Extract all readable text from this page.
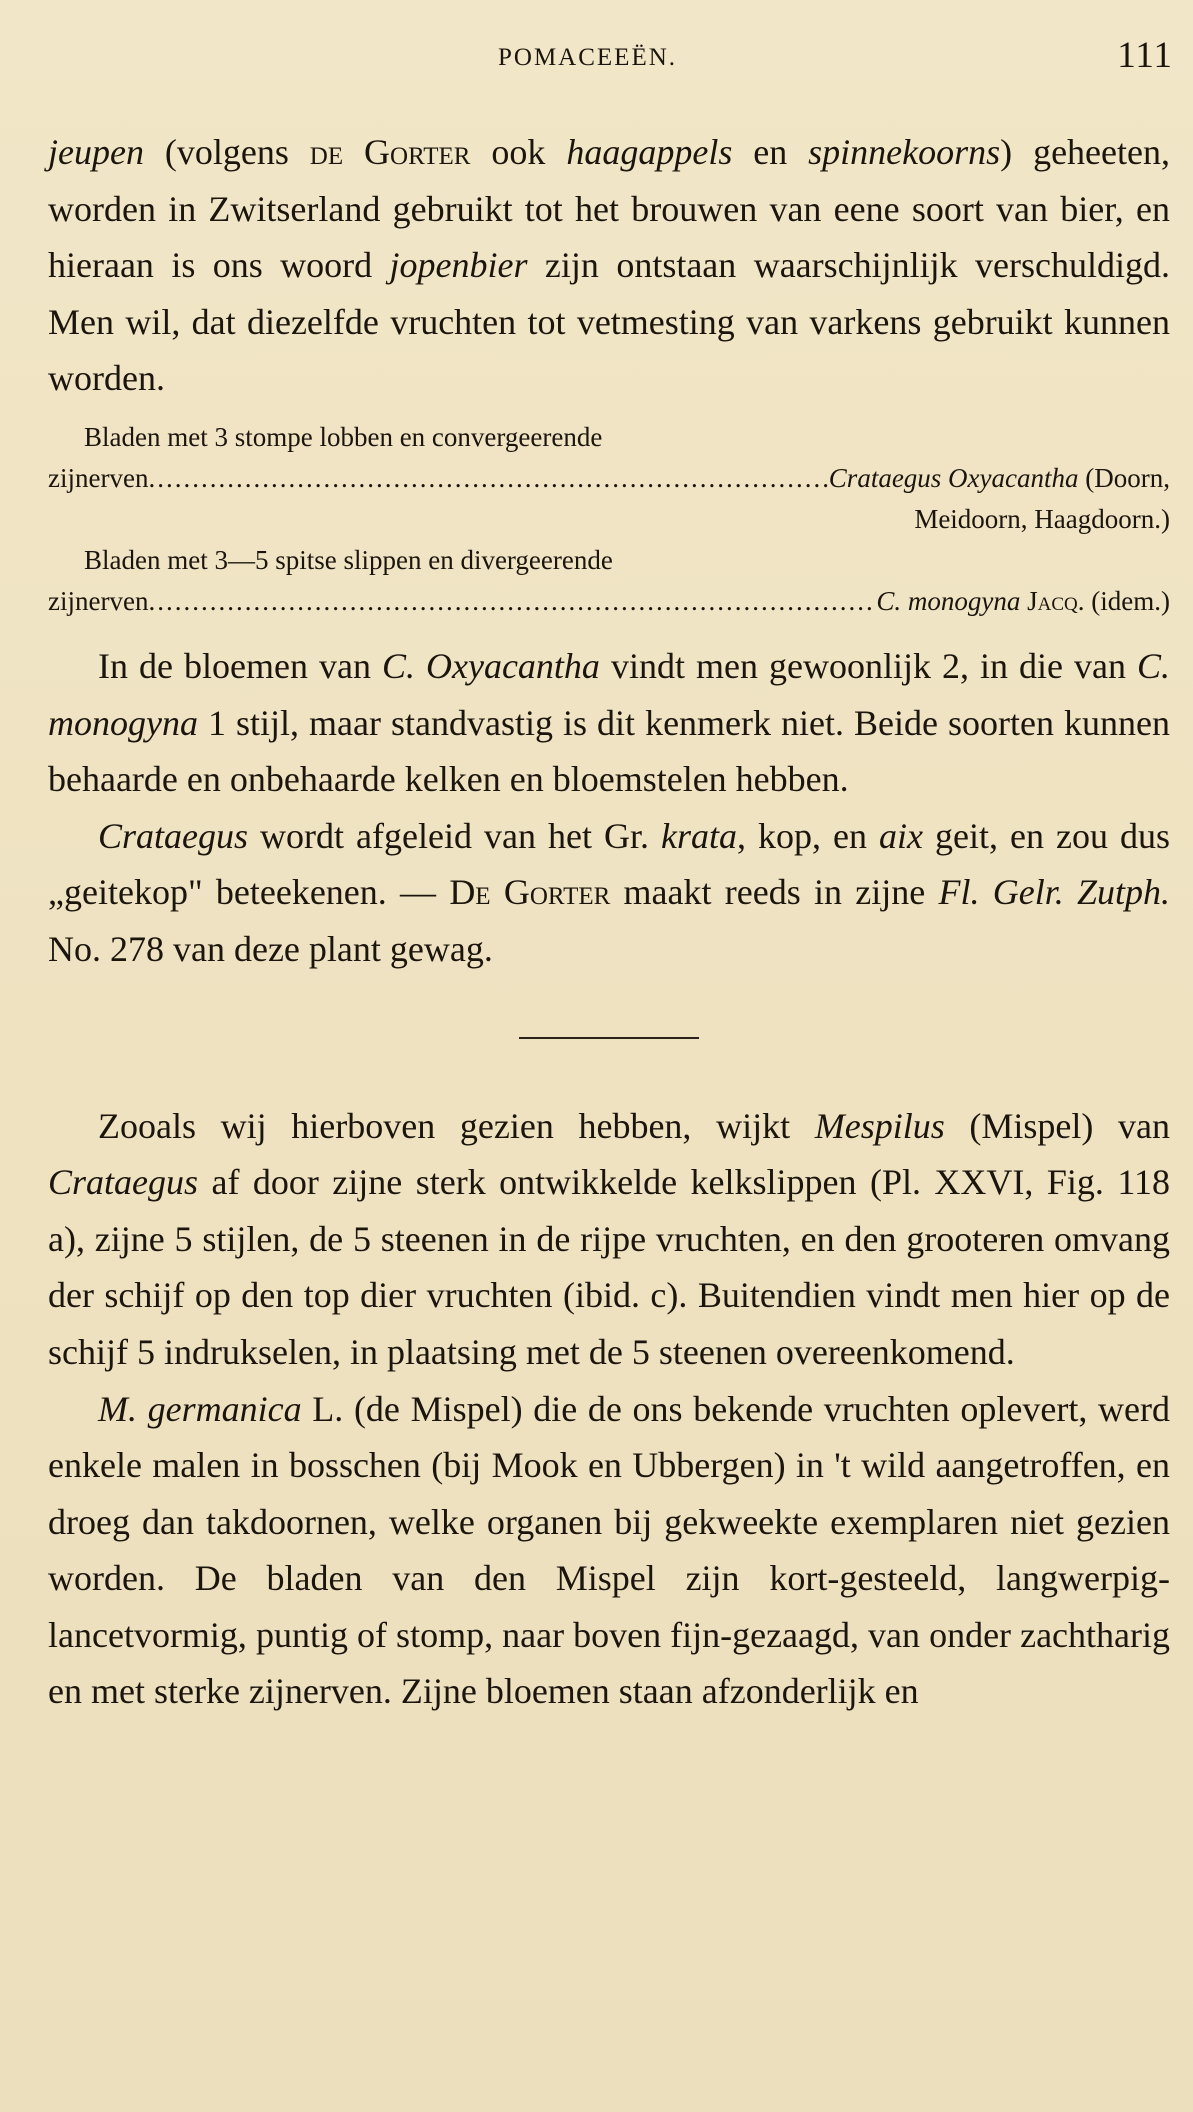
POMACEEËN.	111

jeupen (volgens de Gorter ook haagappels en spinnekoorns) geheeten, worden in Zwitserland gebruikt tot het brouwen van eene soort van bier, en hieraan is ons woord jopenbier zijn ontstaan waarschijnlijk verschuldigd. Men wil, dat diezelfde vruchten tot vetmesting van varkens gebruikt kunnen worden.

Bladen met 3 stompe lobben en convergeerende
zijnerven .....	Crataegus Oxyacantha (Doorn,
Meidoorn, Haagdoorn.)
Bladen met 3—5 spitse slippen en divergeerende
zijnerven .....	C. monogyna Jacq. (idem.)

In de bloemen van C. Oxyacantha vindt men gewoonlijk 2, in die van C. monogyna 1 stijl, maar standvastig is dit kenmerk niet. Beide soorten kunnen behaarde en onbehaarde kelken en bloemstelen hebben.

Crataegus wordt afgeleid van het Gr. krata, kop, en aix geit, en zou dus „geitekop" beteekenen. — De Gorter maakt reeds in zijne Fl. Gelr. Zutph. No. 278 van deze plant gewag.

Zooals wij hierboven gezien hebben, wijkt Mespilus (Mispel) van Crataegus af door zijne sterk ontwikkelde kelkslippen (Pl. XXVI, Fig. 118 a), zijne 5 stijlen, de 5 steenen in de rijpe vruchten, en den grooteren omvang der schijf op den top dier vruchten (ibid. c). Buitendien vindt men hier op de schijf 5 indrukselen, in plaatsing met de 5 steenen overeenkomend.

M. germanica L. (de Mispel) die de ons bekende vruchten oplevert, werd enkele malen in bosschen (bij Mook en Ubbergen) in 't wild aangetroffen, en droeg dan takdoornen, welke organen bij gekweekte exemplaren niet gezien worden. De bladen van den Mispel zijn kort-gesteeld, langwerpig-lancetvormig, puntig of stomp, naar boven fijn-gezaagd, van onder zachtharig en met sterke zijnerven. Zijne bloemen staan afzonderlijk en
